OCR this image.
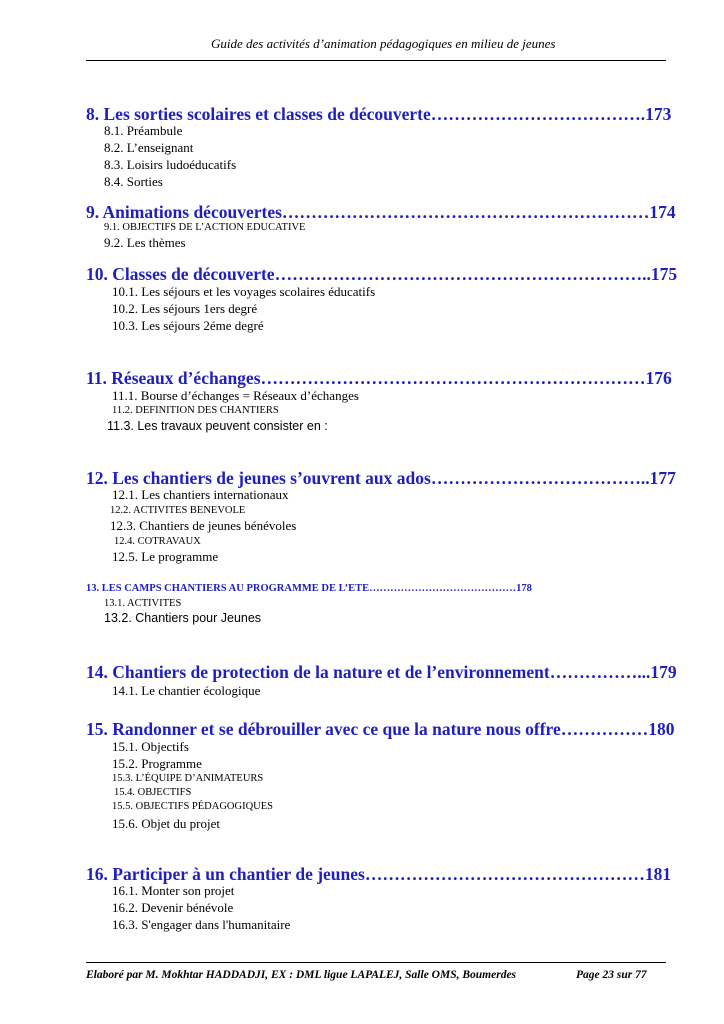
Guide des activités d’animation pédagogiques en milieu de jeunes
8. Les sorties scolaires et classes de découverte……………………………….173
8.1. Préambule
8.2. L’enseignant
8.3. Loisirs ludoéducatifs
8.4. Sorties
9. Animations découvertes………………………………………………………174
9.1. OBJECTIFS DE L’ACTION EDUCATIVE
9.2. Les thèmes
10. Classes de découverte………………………………………………………..175
10.1. Les séjours et les voyages scolaires éducatifs
10.2. Les séjours 1ers degré
10.3. Les séjours 2éme degré
11. Réseaux d’échanges…………………………………………………………176
11.1. Bourse d’échanges = Réseaux d’échanges
11.2. DEFINITION DES CHANTIERS
11.3. Les travaux peuvent consister en :
12. Les chantiers de jeunes s’ouvrent aux ados………………………………..177
12.1. Les chantiers internationaux
12.2. ACTIVITES BENEVOLE
12.3. Chantiers de jeunes bénévoles
12.4. COTRAVAUX
12.5. Le programme
13. LES CAMPS CHANTIERS AU PROGRAMME DE L’ETE……………………………………178
13.1. ACTIVITES
13.2. Chantiers pour Jeunes
14. Chantiers de protection de la nature et de l’environnement……………...179
14.1. Le chantier écologique
15. Randonner et se débrouiller avec ce que la nature nous offre……………180
15.1. Objectifs
15.2. Programme
15.3. L’ÉQUIPE D’ANIMATEURS
15.4. OBJECTIFS
15.5. OBJECTIFS PÉDAGOGIQUES
15.6. Objet du projet
16. Participer à un chantier de jeunes…………………………………………181
16.1. Monter son projet
16.2. Devenir bénévole
16.3. S'engager dans l'humanitaire
Elaboré par M. Mokhtar HADDADJI, EX : DML ligue LAPALEJ, Salle OMS, Boumerdes	Page 23 sur 77
